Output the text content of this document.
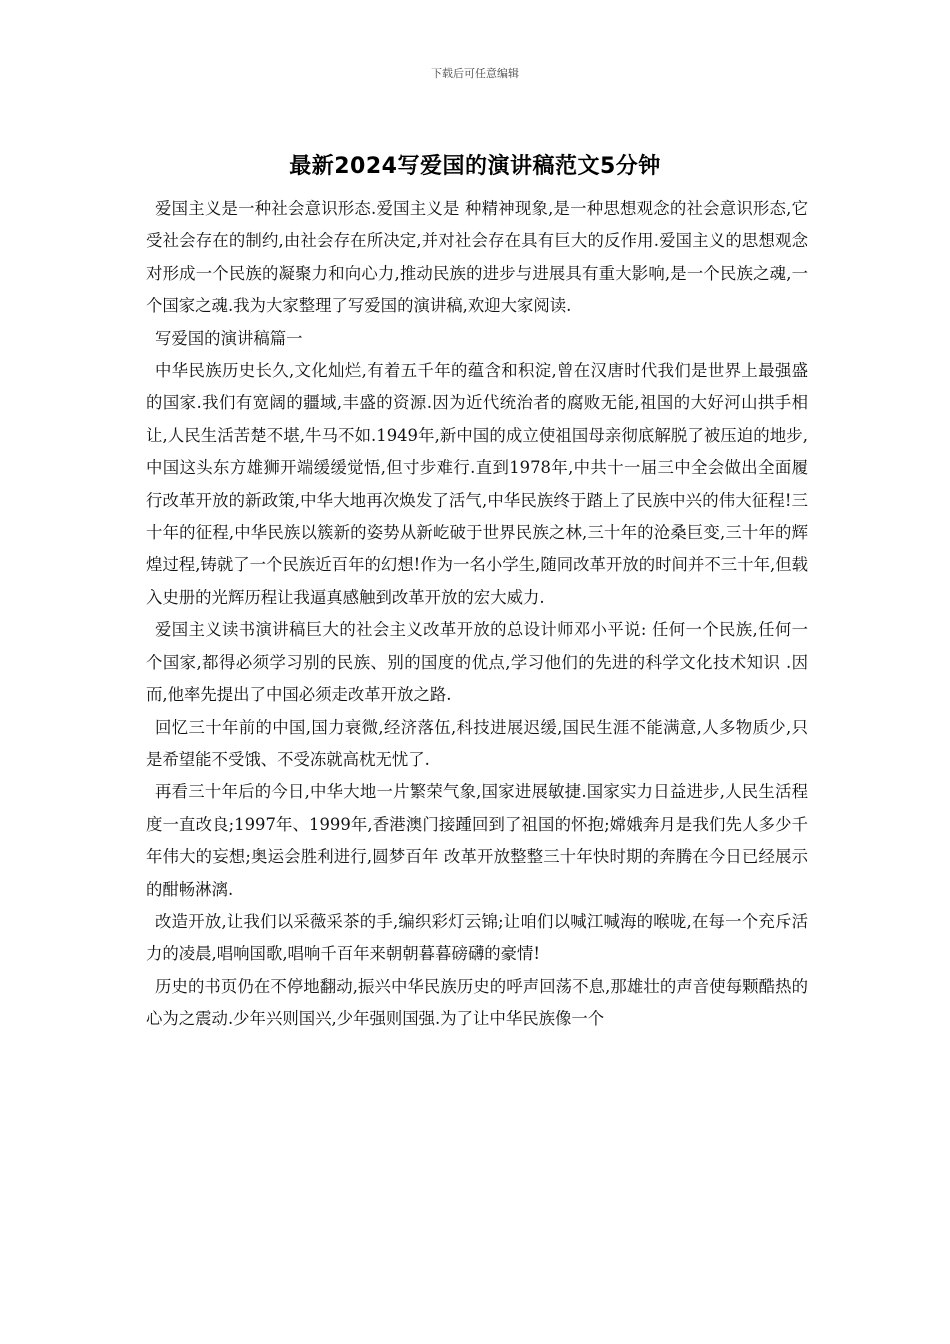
下载后可任意编辑
最新2024写爱国的演讲稿范文5分钟

爱国主义是一种社会意识形态.爱国主义是 种精神现象,是一种思想观念的社会意识形态,它受社会存在的制约,由社会存在所决定,并对社会存在具有巨大的反作用.爱国主义的思想观念对形成一个民族的凝聚力和向心力,推动民族的进步与进展具有重大影响,是一个民族之魂,一个国家之魂.我为大家整理了写爱国的演讲稿,欢迎大家阅读.

写爱国的演讲稿篇一

中华民族历史长久,文化灿烂,有着五千年的蕴含和积淀,曾在汉唐时代我们是世界上最强盛的国家.我们有宽阔的疆域,丰盛的资源.因为近代统治者的腐败无能,祖国的大好河山拱手相让,人民生活苦楚不堪,牛马不如.1949年,新中国的成立使祖国母亲彻底解脱了被压迫的地步,中国这头东方雄狮开端缓缓觉悟,但寸步难行.直到1978年,中共十一届三中全会做出全面履行改革开放的新政策,中华大地再次焕发了活气,中华民族终于踏上了民族中兴的伟大征程!三十年的征程,中华民族以簇新的姿势从新屹破于世界民族之林,三十年的沧桑巨变,三十年的辉煌过程,铸就了一个民族近百年的幻想!作为一名小学生,随同改革开放的时间并不三十年,但载入史册的光辉历程让我逼真感触到改革开放的宏大威力.

爱国主义读书演讲稿巨大的社会主义改革开放的总设计师邓小平说: 任何一个民族,任何一个国家,都得必须学习别的民族、别的国度的优点,学习他们的先进的科学文化技术知识 .因而,他率先提出了中国必须走改革开放之路.

回忆三十年前的中国,国力衰微,经济落伍,科技进展迟缓,国民生涯不能满意,人多物质少,只是希望能不受饿、不受冻就高枕无忧了.

再看三十年后的今日,中华大地一片繁荣气象,国家进展敏捷.国家实力日益进步,人民生活程度一直改良;1997年、1999年,香港澳门接踵回到了祖国的怀抱;嫦娥奔月是我们先人多少千年伟大的妄想;奥运会胜利进行,圆梦百年 改革开放整整三十年快时期的奔腾在今日已经展示的酣畅淋漓.

改造开放,让我们以采薇采茶的手,编织彩灯云锦;让咱们以喊江喊海的喉咙,在每一个充斥活力的凌晨,唱响国歌,唱响千百年来朝朝暮暮磅礴的豪情!

历史的书页仍在不停地翻动,振兴中华民族历史的呼声回荡不息,那雄壮的声音使每颗酷热的心为之震动.少年兴则国兴,少年强则国强.为了让中华民族像一个
